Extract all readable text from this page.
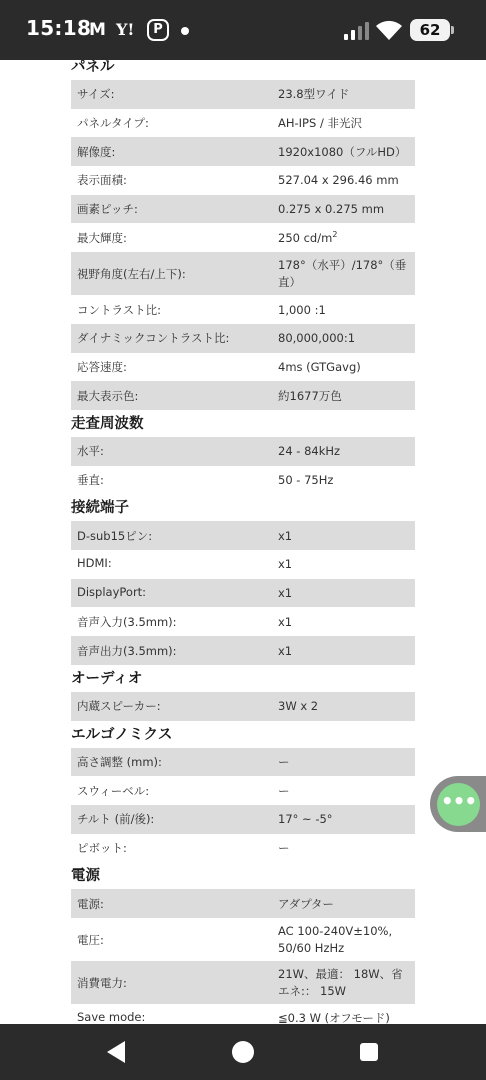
15:18
M Y!	P	62
パネル
サイズ:	23.8型ワイド
パネルタイプ:	AH-IPS / 非光沢
解像度:	1920x1080（フルHD）
表示面積:	527.04 x 296.46 mm
画素ピッチ:	0.275 x 0.275 mm
最大輝度:	250 $cd/m^2$
視野角度(左右/上下):
178°（水平）/178°（垂直）
コントラスト比:	1,000 :1
ダイナミックコントラスト比:	80,000,000:1
応答速度:	4ms (GTGavg)
最大表示色:	約1677万色
走査周波数
水平:	24 - 84kHz
垂直:	50 - 75Hz
接続端子
D-sub15ピン:	x1
HDMI:	x1
DisplayPort:	x1
音声入力(3.5mm):	x1
音声出力(3.5mm):	x1
オーディオ
内蔵スピーカー:	3W x 2
エルゴノミクス
高さ調整 (mm):	ー
スウィーベル:	ー
チルト (前/後):	17° ~ -5°
ピボット:	ー
電源
電源:	アダプター
電圧:
AC 100-240V±10%, 50/60 HzHz
消費電力:
21W、最適： 18W、省エネ:： 15W
Save mode:	≦0.3 W (オフモード)
•••
